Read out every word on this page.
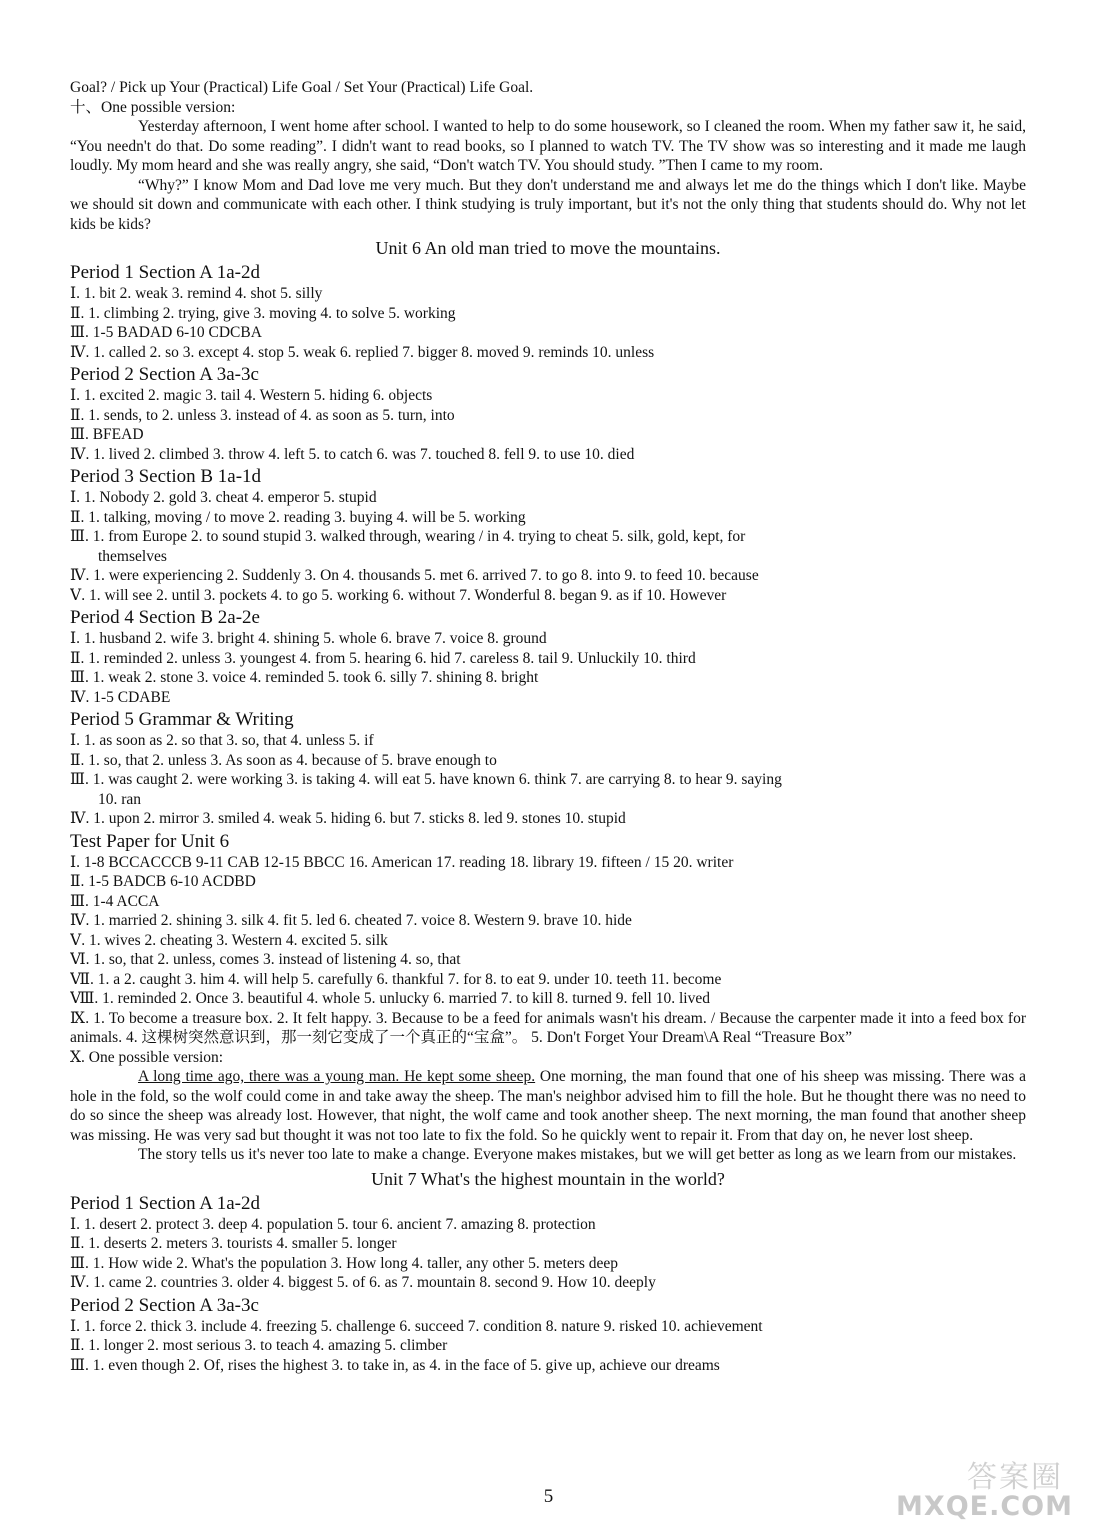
Goal? / Pick up Your (Practical) Life Goal / Set Your (Practical) Life Goal.
十、One possible version:
Yesterday afternoon, I went home after school. I wanted to help to do some housework, so I cleaned the room. When my father saw it, he said, “You needn't do that. Do some reading”. I didn't want to read books, so I planned to watch TV. The TV show was so interesting and it made me laugh loudly. My mom heard and she was really angry, she said, “Don't watch TV. You should study. ”Then I came to my room.
“Why?” I know Mom and Dad love me very much. But they don't understand me and always let me do the things which I don't like. Maybe we should sit down and communicate with each other. I think studying is truly important, but it's not the only thing that students should do. Why not let kids be kids?
Unit 6 An old man tried to move the mountains.
Period 1 Section A 1a-2d
Ⅰ. 1. bit 2. weak 3. remind 4. shot 5. silly
Ⅱ. 1. climbing 2. trying, give 3. moving 4. to solve 5. working
Ⅲ. 1-5 BADAD 6-10 CDCBA
Ⅳ. 1. called 2. so 3. except 4. stop 5. weak 6. replied 7. bigger 8. moved 9. reminds 10. unless
Period 2 Section A 3a-3c
Ⅰ. 1. excited 2. magic 3. tail 4. Western 5. hiding 6. objects
Ⅱ. 1. sends, to 2. unless 3. instead of 4. as soon as 5. turn, into
Ⅲ. BFEAD
Ⅳ. 1. lived 2. climbed 3. throw 4. left 5. to catch 6. was 7. touched 8. fell 9. to use 10. died
Period 3 Section B 1a-1d
Ⅰ. 1. Nobody 2. gold 3. cheat 4. emperor 5. stupid
Ⅱ. 1. talking, moving / to move 2. reading 3. buying 4. will be 5. working
Ⅲ. 1. from Europe 2. to sound stupid 3. walked through, wearing / in 4. trying to cheat 5. silk, gold, kept, for
themselves
Ⅳ. 1. were experiencing 2. Suddenly 3. On 4. thousands 5. met 6. arrived 7. to go 8. into 9. to feed 10. because
Ⅴ. 1. will see 2. until 3. pockets 4. to go 5. working 6. without 7. Wonderful 8. began 9. as if 10. However
Period 4 Section B 2a-2e
Ⅰ. 1. husband 2. wife 3. bright 4. shining 5. whole 6. brave 7. voice 8. ground
Ⅱ. 1. reminded 2. unless 3. youngest 4. from 5. hearing 6. hid 7. careless 8. tail 9. Unluckily 10. third
Ⅲ. 1. weak 2. stone 3. voice 4. reminded 5. took 6. silly 7. shining 8. bright
Ⅳ. 1-5 CDABE
Period 5 Grammar & Writing
Ⅰ. 1. as soon as 2. so that 3. so, that 4. unless 5. if
Ⅱ. 1. so, that 2. unless 3. As soon as 4. because of 5. brave enough to
Ⅲ. 1. was caught 2. were working 3. is taking 4. will eat 5. have known 6. think 7. are carrying 8. to hear 9. saying
10. ran
Ⅳ. 1. upon 2. mirror 3. smiled 4. weak 5. hiding 6. but 7. sticks 8. led 9. stones 10. stupid
Test Paper for Unit 6
Ⅰ. 1-8 BCCACCCB 9-11 CAB 12-15 BBCC 16. American 17. reading 18. library 19. fifteen / 15 20. writer
Ⅱ. 1-5 BADCB 6-10 ACDBD
Ⅲ. 1-4 ACCA
Ⅳ. 1. married 2. shining 3. silk 4. fit 5. led 6. cheated 7. voice 8. Western 9. brave 10. hide
Ⅴ. 1. wives 2. cheating 3. Western 4. excited 5. silk
Ⅵ. 1. so, that 2. unless, comes 3. instead of listening 4. so, that
Ⅶ. 1. a 2. caught 3. him 4. will help 5. carefully 6. thankful 7. for 8. to eat 9. under 10. teeth 11. become
Ⅷ. 1. reminded 2. Once 3. beautiful 4. whole 5. unlucky 6. married 7. to kill 8. turned 9. fell 10. lived
Ⅸ. 1. To become a treasure box. 2. It felt happy. 3. Because to be a feed for animals wasn't his dream. / Because the carpenter made it into a feed box for animals. 4. 这棵树突然意识到，那一刻它变成了一个真正的“宝盒”。 5. Don't Forget Your Dream\A Real “Treasure Box”
Ⅹ. One possible version:
A long time ago, there was a young man. He kept some sheep. One morning, the man found that one of his sheep was missing. There was a hole in the fold, so the wolf could come in and take away the sheep. The man's neighbor advised him to fill the hole. But he thought there was no need to do so since the sheep was already lost. However, that night, the wolf came and took another sheep. The next morning, the man found that another sheep was missing. He was very sad but thought it was not too late to fix the fold. So he quickly went to repair it. From that day on, he never lost sheep.
The story tells us it's never too late to make a change. Everyone makes mistakes, but we will get better as long as we learn from our mistakes.
Unit 7 What's the highest mountain in the world?
Period 1 Section A 1a-2d
Ⅰ. 1. desert 2. protect 3. deep 4. population 5. tour 6. ancient 7. amazing 8. protection
Ⅱ. 1. deserts 2. meters 3. tourists 4. smaller 5. longer
Ⅲ. 1. How wide 2. What's the population 3. How long 4. taller, any other 5. meters deep
Ⅳ. 1. came 2. countries 3. older 4. biggest 5. of 6. as 7. mountain 8. second 9. How 10. deeply
Period 2 Section A 3a-3c
Ⅰ. 1. force 2. thick 3. include 4. freezing 5. challenge 6. succeed 7. condition 8. nature 9. risked 10. achievement
Ⅱ. 1. longer 2. most serious 3. to teach 4. amazing 5. climber
Ⅲ. 1. even though 2. Of, rises the highest 3. to take in, as 4. in the face of 5. give up, achieve our dreams
5
答案圈
MXQE.COM
